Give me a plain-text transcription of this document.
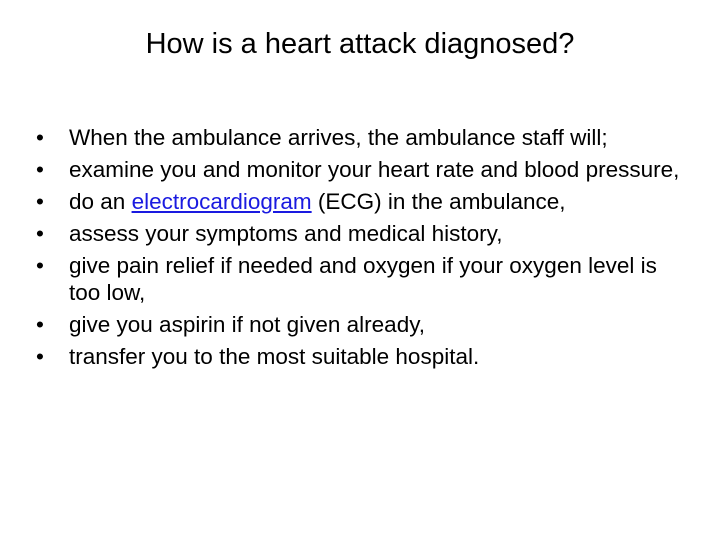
How is a heart attack diagnosed?
•	When the ambulance arrives, the ambulance staff will;
•	examine you and monitor your heart rate and blood pressure,
•	do an electrocardiogram (ECG) in the ambulance,
•	assess your symptoms and medical history,
•	give pain relief if needed and oxygen if your oxygen level is too low,
•	give you aspirin if not given already,
•	transfer you to the most suitable hospital.
